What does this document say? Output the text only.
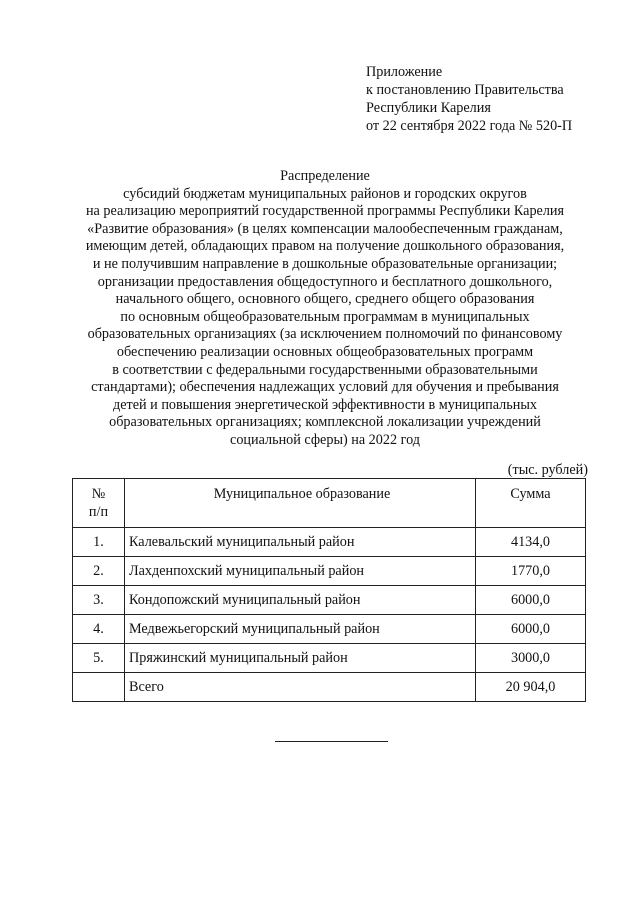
Приложение
к постановлению Правительства
Республики Карелия
от 22 сентября 2022 года № 520-П
Распределение
субсидий бюджетам муниципальных районов и городских округов
на реализацию мероприятий государственной программы Республики Карелия
«Развитие образования» (в целях компенсации малообеспеченным гражданам,
имеющим детей, обладающих правом на получение дошкольного образования,
и не получившим направление в дошкольные образовательные организации;
организации предоставления общедоступного и бесплатного дошкольного,
начального общего, основного общего, среднего общего образования
по основным общеобразовательным программам в муниципальных
образовательных организациях (за исключением полномочий по финансовому
обеспечению реализации основных общеобразовательных программ
в соответствии с федеральными государственными образовательными
стандартами); обеспечения надлежащих условий для обучения и пребывания
детей и повышения энергетической эффективности в муниципальных
образовательных организациях; комплексной локализации учреждений
социальной сферы) на 2022 год
(тыс. рублей)
№
п/п	Муниципальное образование	Сумма
1.	Калевальский муниципальный район	4134,0
2.	Лахденпохский муниципальный район	1770,0
3.	Кондопожский муниципальный район	6000,0
4.	Медвежьегорский муниципальный район	6000,0
5.	Пряжинский муниципальный район	3000,0
	Всего	20 904,0
